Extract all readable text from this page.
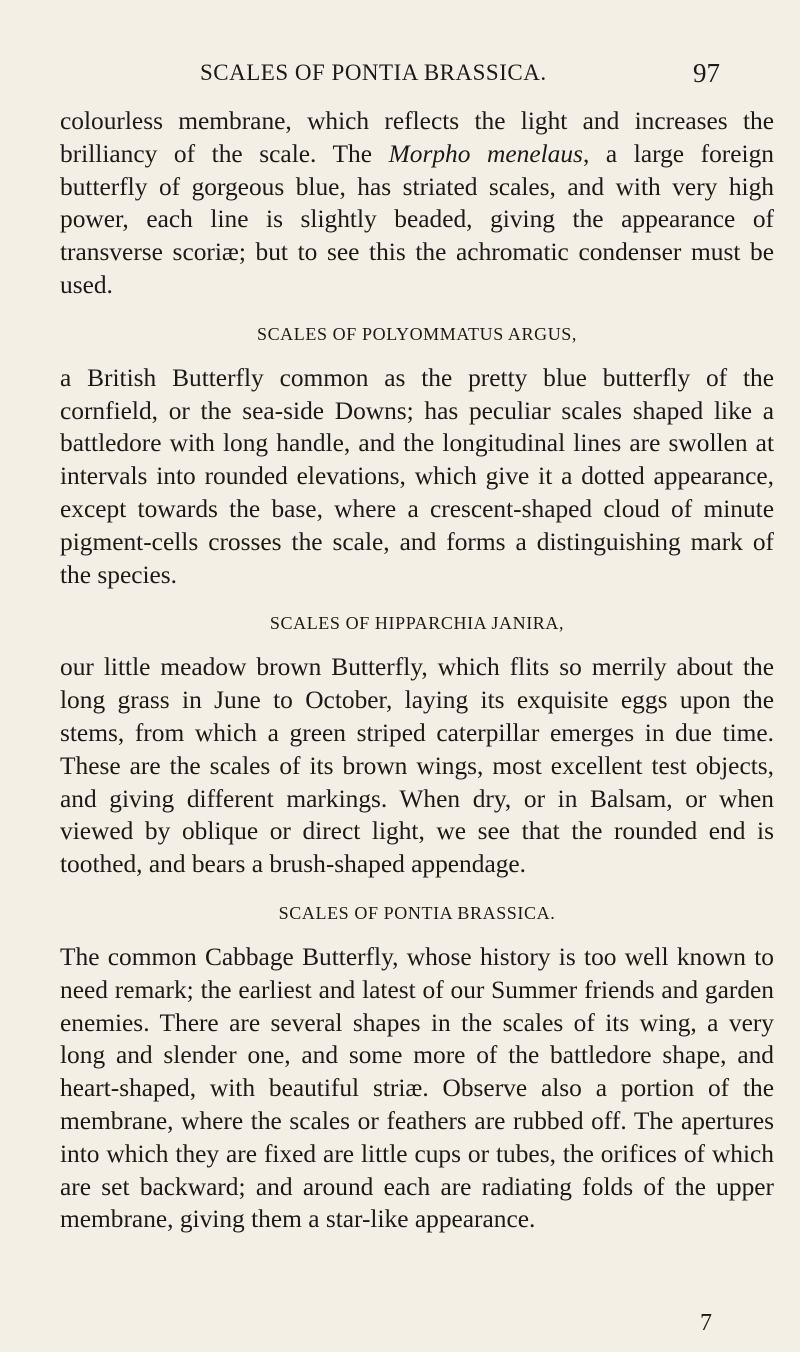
SCALES OF PONTIA BRASSICA.	97

colourless membrane, which reflects the light and increases the brilliancy of the scale. The Morpho menelaus, a large foreign butterfly of gorgeous blue, has striated scales, and with very high power, each line is slightly beaded, giving the appearance of transverse scoriæ; but to see this the achromatic condenser must be used.

SCALES OF POLYOMMATUS ARGUS,

a British Butterfly common as the pretty blue butterfly of the cornfield, or the sea-side Downs; has peculiar scales shaped like a battledore with long handle, and the longitudinal lines are swollen at intervals into rounded elevations, which give it a dotted appearance, except towards the base, where a crescent-shaped cloud of minute pigment-cells crosses the scale, and forms a distinguishing mark of the species.

SCALES OF HIPPARCHIA JANIRA,

our little meadow brown Butterfly, which flits so merrily about the long grass in June to October, laying its exquisite eggs upon the stems, from which a green striped caterpillar emerges in due time. These are the scales of its brown wings, most excellent test objects, and giving different markings. When dry, or in Balsam, or when viewed by oblique or direct light, we see that the rounded end is toothed, and bears a brush-shaped appendage.

SCALES OF PONTIA BRASSICA.

The common Cabbage Butterfly, whose history is too well known to need remark; the earliest and latest of our Summer friends and garden enemies. There are several shapes in the scales of its wing, a very long and slender one, and some more of the battledore shape, and heart-shaped, with beautiful striæ. Observe also a portion of the membrane, where the scales or feathers are rubbed off. The apertures into which they are fixed are little cups or tubes, the orifices of which are set backward; and around each are radiating folds of the upper membrane, giving them a star-like appearance.

7
